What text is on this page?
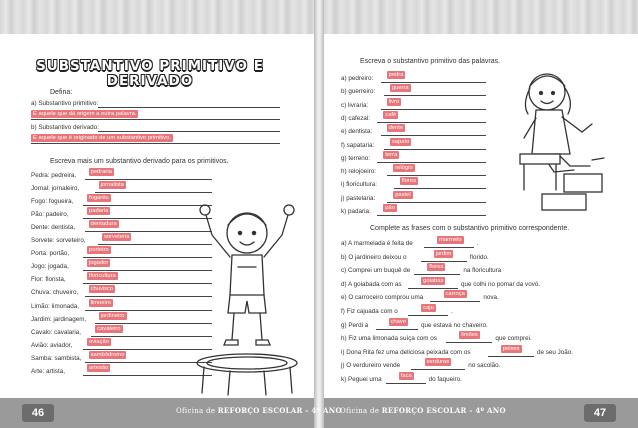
SUBSTANTIVO PRIMITIVO E
DERIVADO
Defina:
a) Substantivo primitivo:
É aquele que dá origem a outra palavra.
b) Substantivo derivado:
É aquele que é originado de um substantivo primitivo.
Escreva mais um substantivo derivado para os primitivos.
Pedra: pedreira,	pedraria
Jornal: jornaleiro,	jornalista
Fogo: fogueira,	fogaréu
Pão: padeiro,	padaria
Dente: dentista,	dentadura
Sorvete: sorveteiro,	sorveteria
Porta: portão,	porteiro
Jogo: jogada,	jogador
Flor: florista,	floricultura
Chuva: chuveiro,	chuvisco
Limão: limonada,	limoeiro
Jardim: jardinagem,	jardineiro
Cavalo: cavalaria,	cavaleiro
Avião: aviador,	aviação
Samba: sambista,	sambódromo
Arte: artista,	artesão
Escreva o substantivo primitivo das palavras.
a) pedreiro:	pedra
b) guerreiro:	guerra
c) livraria:	livro
d) cafezal:	café
e) dentista:	dente
f) sapataria:	sapato
g) terreno:	terra
h) relojoeiro:	relógio
i) floricultura:	flores
j) pastelaria:	pastel
k) padaria:	pão
Complete as frases com o substantivo primitivo correspondente.
a) A marmelada é feita de	marmelo	.
b) O jardineiro deixou o	jardim	florido.
c) Comprei um buquê de	flores	na floricultura
d) A goiabada com as	goiabas	que colhi no pomar da vovó.
e) O carroceiro comprou uma	carroça	nova.
f) Fiz cajuada com o	caju	.
g) Perdi a	chave	que estava no chaveiro.
h) Fiz uma limonada suíça com os	limões	que comprei.
i) Dona Rita fez uma deliciosa peixada com os	peixes	de seu João.
j) O verdureiro vende	verduras	no sacolão.
k) Peguei uma	faca	do faqueiro.
46	47
Oficina de REFORÇO ESCOLAR - 4º ANO
Oficina de REFORÇO ESCOLAR - 4º ANO
